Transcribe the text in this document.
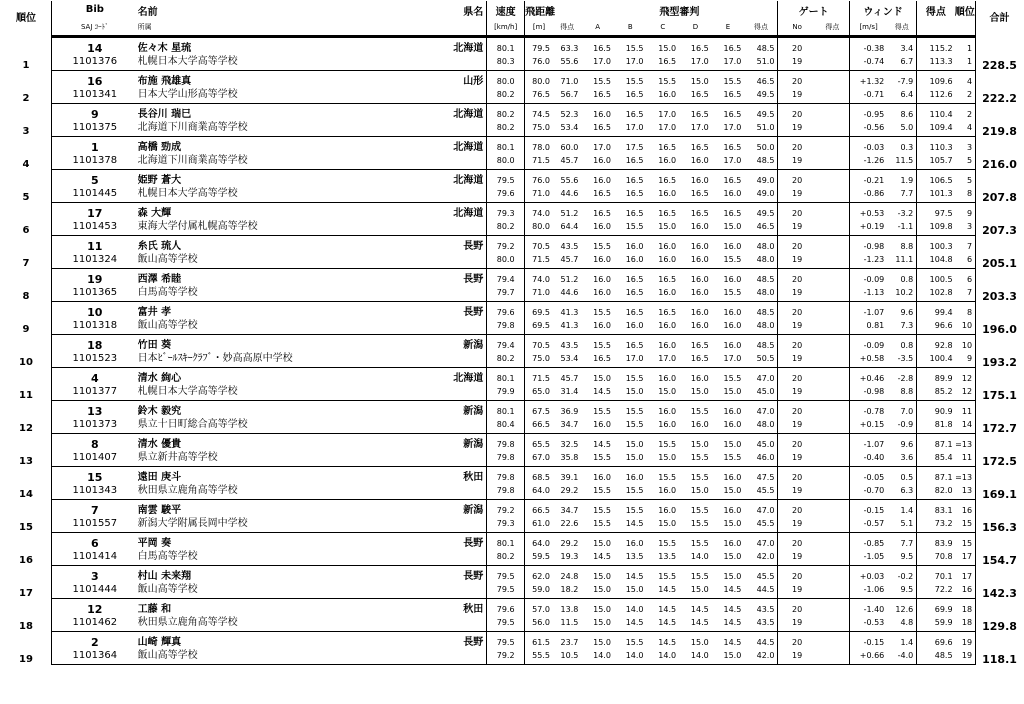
順位	Bib	名前	県名	速度	飛距離		飛型審判						ゲート		ウィンド		得点	順位	合計
	SAJ ｺｰﾄﾞ	所属		[km/h]	[m]	得点	A	B	C	D	E	得点	No	得点	[m/s]	得点			
1	14	佐々木 星琉	北海道	80.1	79.5	63.3	16.5	15.5	15.0	16.5	16.5	48.5	20		-0.38	3.4	115.2	1	228.5
	1101376	札幌日本大学高等学校		80.3	76.0	55.6	17.0	17.0	16.5	17.0	17.0	51.0	19		-0.74	6.7	113.3	1	
2	16	布施 飛雄真	山形	80.0	80.0	71.0	15.5	15.5	15.5	15.0	15.5	46.5	20		+1.32	-7.9	109.6	4	222.2
	1101341	日本大学山形高等学校		80.2	76.5	56.7	16.5	16.5	16.0	16.5	16.5	49.5	19		-0.71	6.4	112.6	2	
3	9	長谷川 瑞巳	北海道	80.2	74.5	52.3	16.0	16.5	17.0	16.5	16.5	49.5	20		-0.95	8.6	110.4	2	219.8
	1101375	北海道下川商業高等学校		80.2	75.0	53.4	16.5	17.0	17.0	17.0	17.0	51.0	19		-0.56	5.0	109.4	4	
4	1	高橋 勁成	北海道	80.1	78.0	60.0	17.0	17.5	16.5	16.5	16.5	50.0	20		-0.03	0.3	110.3	3	216.0
	1101378	北海道下川商業高等学校		80.0	71.5	45.7	16.0	16.5	16.0	16.0	17.0	48.5	19		-1.26	11.5	105.7	5	
5	5	姫野 蒼大	北海道	79.5	76.0	55.6	16.0	16.5	16.5	16.0	16.5	49.0	20		-0.21	1.9	106.5	5	207.8
	1101445	札幌日本大学高等学校		79.6	71.0	44.6	16.5	16.5	16.0	16.5	16.0	49.0	19		-0.86	7.7	101.3	8	
6	17	森 大輝	北海道	79.3	74.0	51.2	16.5	16.5	16.5	16.5	16.5	49.5	20		+0.53	-3.2	97.5	9	207.3
	1101453	東海大学付属札幌高等学校		80.2	80.0	64.4	16.0	15.5	15.0	16.0	15.0	46.5	19		+0.19	-1.1	109.8	3	
7	11	糸氏 琉人	長野	79.2	70.5	43.5	15.5	16.0	16.0	16.0	16.0	48.0	20		-0.98	8.8	100.3	7	205.1
	1101324	飯山高等学校		80.0	71.5	45.7	16.0	16.0	16.0	16.0	15.5	48.0	19		-1.23	11.1	104.8	6	
8	19	西澤 希睦	長野	79.4	74.0	51.2	16.0	16.5	16.5	16.0	16.0	48.5	20		-0.09	0.8	100.5	6	203.3
	1101365	白馬高等学校		79.7	71.0	44.6	16.0	16.5	16.0	16.0	15.5	48.0	19		-1.13	10.2	102.8	7	
9	10	富井 孝	長野	79.6	69.5	41.3	15.5	16.5	16.5	16.0	16.0	48.5	20		-1.07	9.6	99.4	8	196.0
	1101318	飯山高等学校		79.8	69.5	41.3	16.0	16.0	16.0	16.0	16.0	48.0	19		0.81	7.3	96.6	10	
10	18	竹田 葵	新潟	79.4	70.5	43.5	15.5	16.5	16.0	16.5	16.0	48.5	20		-0.09	0.8	92.8	10	193.2
	1101523	日本ﾋﾞｰﾙｽｷｰｸﾗﾌﾞ・妙高高原中学校		80.2	75.0	53.4	16.5	17.0	17.0	16.5	17.0	50.5	19		+0.58	-3.5	100.4	9	
11	4	清水 絢心	北海道	80.1	71.5	45.7	15.0	15.5	16.0	16.0	15.5	47.0	20		+0.46	-2.8	89.9	12	175.1
	1101377	札幌日本大学高等学校		79.9	65.0	31.4	14.5	15.0	15.0	15.0	15.0	45.0	19		-0.98	8.8	85.2	12	
12	13	鈴木 毅究	新潟	80.1	67.5	36.9	15.5	15.5	16.0	15.5	16.0	47.0	20		-0.78	7.0	90.9	11	172.7
	1101373	県立十日町総合高等学校		80.4	66.5	34.7	16.0	15.5	16.0	16.0	16.0	48.0	19		+0.15	-0.9	81.8	14	
13	8	清水 優貴	新潟	79.8	65.5	32.5	14.5	15.0	15.5	15.0	15.0	45.0	20		-1.07	9.6	87.1	=13	172.5
	1101407	県立新井高等学校		79.8	67.0	35.8	15.5	15.0	15.0	15.5	15.5	46.0	19		-0.40	3.6	85.4	11	
14	15	遠田 庚斗	秋田	79.8	68.5	39.1	16.0	16.0	15.5	15.5	16.0	47.5	20		-0.05	0.5	87.1	=13	169.1
	1101343	秋田県立鹿角高等学校		79.8	64.0	29.2	15.5	15.5	16.0	15.0	15.0	45.5	19		-0.70	6.3	82.0	13	
15	7	南雲 駿平	新潟	79.2	66.5	34.7	15.5	15.5	16.0	15.5	16.0	47.0	20		-0.15	1.4	83.1	16	156.3
	1101557	新潟大学附属長岡中学校		79.3	61.0	22.6	15.5	14.5	15.0	15.5	15.0	45.5	19		-0.57	5.1	73.2	15	
16	6	平岡 奏	長野	80.1	64.0	29.2	15.0	16.0	15.5	15.5	16.0	47.0	20		-0.85	7.7	83.9	15	154.7
	1101414	白馬高等学校		80.2	59.5	19.3	14.5	13.5	13.5	14.0	15.0	42.0	19		-1.05	9.5	70.8	17	
17	3	村山 未来翔	長野	79.5	62.0	24.8	15.0	14.5	15.5	15.5	15.0	45.5	20		+0.03	-0.2	70.1	17	142.3
	1101444	飯山高等学校		79.5	59.0	18.2	15.0	15.0	14.5	15.0	14.5	44.5	19		-1.06	9.5	72.2	16	
18	12	工藤 和	秋田	79.6	57.0	13.8	15.0	14.0	14.5	14.5	14.5	43.5	20		-1.40	12.6	69.9	18	129.8
	1101462	秋田県立鹿角高等学校		79.5	56.0	11.5	15.0	14.5	14.5	14.5	14.5	43.5	19		-0.53	4.8	59.9	18	
19	2	山崎 輝真	長野	79.5	61.5	23.7	15.0	15.5	14.5	15.0	14.5	44.5	20		-0.15	1.4	69.6	19	118.1
	1101364	飯山高等学校		79.2	55.5	10.5	14.0	14.0	14.0	14.0	15.0	42.0	19		+0.66	-4.0	48.5	19	
